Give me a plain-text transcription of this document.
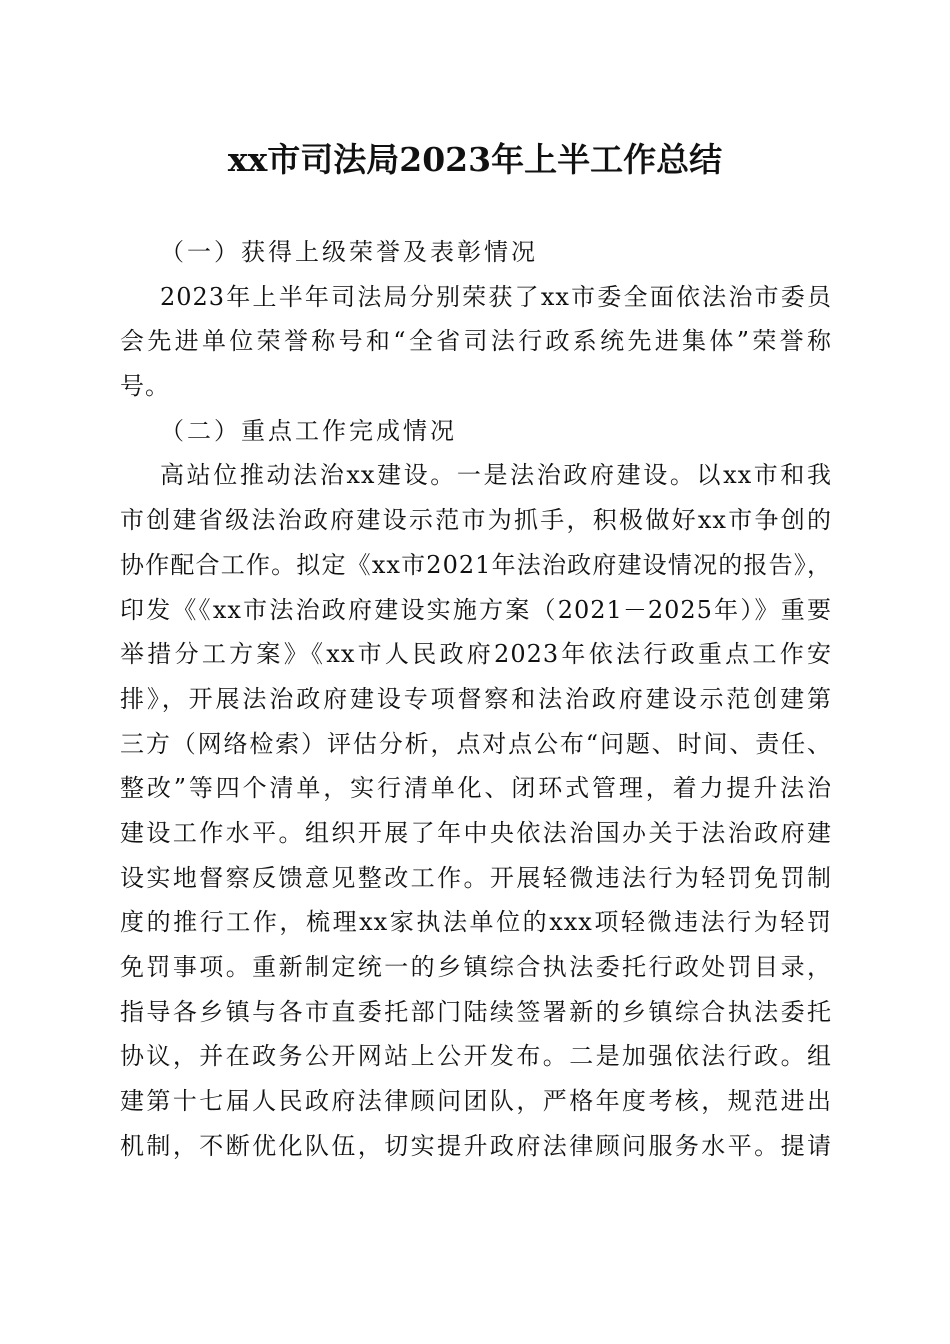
xx市司法局2023年上半工作总结
（一）获得上级荣誉及表彰情况
2023年上半年司法局分别荣获了xx市委全面依法治市委员
会先进单位荣誉称号和“全省司法行政系统先进集体”荣誉称
号。
（二）重点工作完成情况
高站位推动法治xx建设。一是法治政府建设。以xx市和我
市创建省级法治政府建设示范市为抓手，积极做好xx市争创的
协作配合工作。拟定《xx市2021年法治政府建设情况的报告》，
印发《《xx市法治政府建设实施方案（2021－2025年）》重要
举措分工方案》《xx市人民政府2023年依法行政重点工作安
排》，开展法治政府建设专项督察和法治政府建设示范创建第
三方（网络检索）评估分析，点对点公布“问题、时间、责任、
整改”等四个清单，实行清单化、闭环式管理，着力提升法治
建设工作水平。组织开展了年中央依法治国办关于法治政府建
设实地督察反馈意见整改工作。开展轻微违法行为轻罚免罚制
度的推行工作，梳理xx家执法单位的xxx项轻微违法行为轻罚
免罚事项。重新制定统一的乡镇综合执法委托行政处罚目录，
指导各乡镇与各市直委托部门陆续签署新的乡镇综合执法委托
协议，并在政务公开网站上公开发布。二是加强依法行政。组
建第十七届人民政府法律顾问团队，严格年度考核，规范进出
机制，不断优化队伍，切实提升政府法律顾问服务水平。提请
